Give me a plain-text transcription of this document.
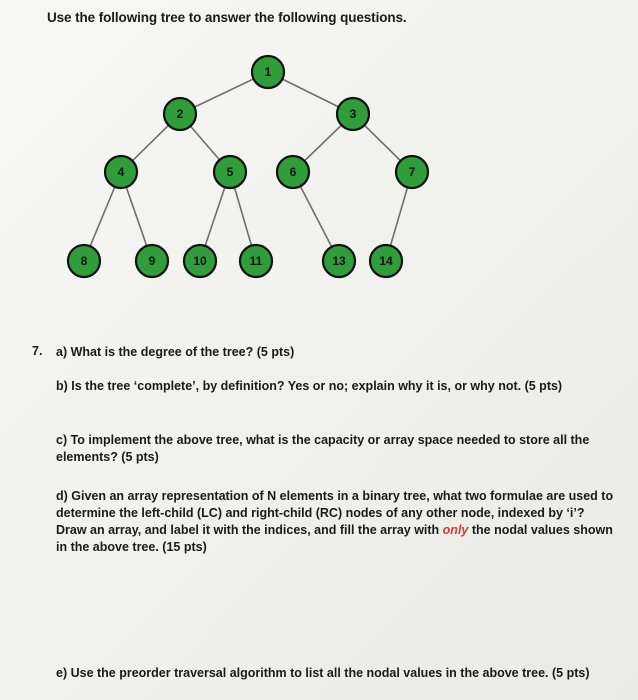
Use the following tree to answer the following questions.
1
2	3
4	5	6	7
8	9	10	11	13	14
7. a) What is the degree of the tree? (5 pts)
b) Is the tree ‘complete’, by definition? Yes or no; explain why it is, or why not. (5 pts)
c) To implement the above tree, what is the capacity or array space needed to store all the elements? (5 pts)
d) Given an array representation of N elements in a binary tree, what two formulae are used to determine the left-child (LC) and right-child (RC) nodes of any other node, indexed by ‘i’? Draw an array, and label it with the indices, and fill the array with only the nodal values shown in the above tree. (15 pts)
e) Use the preorder traversal algorithm to list all the nodal values in the above tree. (5 pts)
